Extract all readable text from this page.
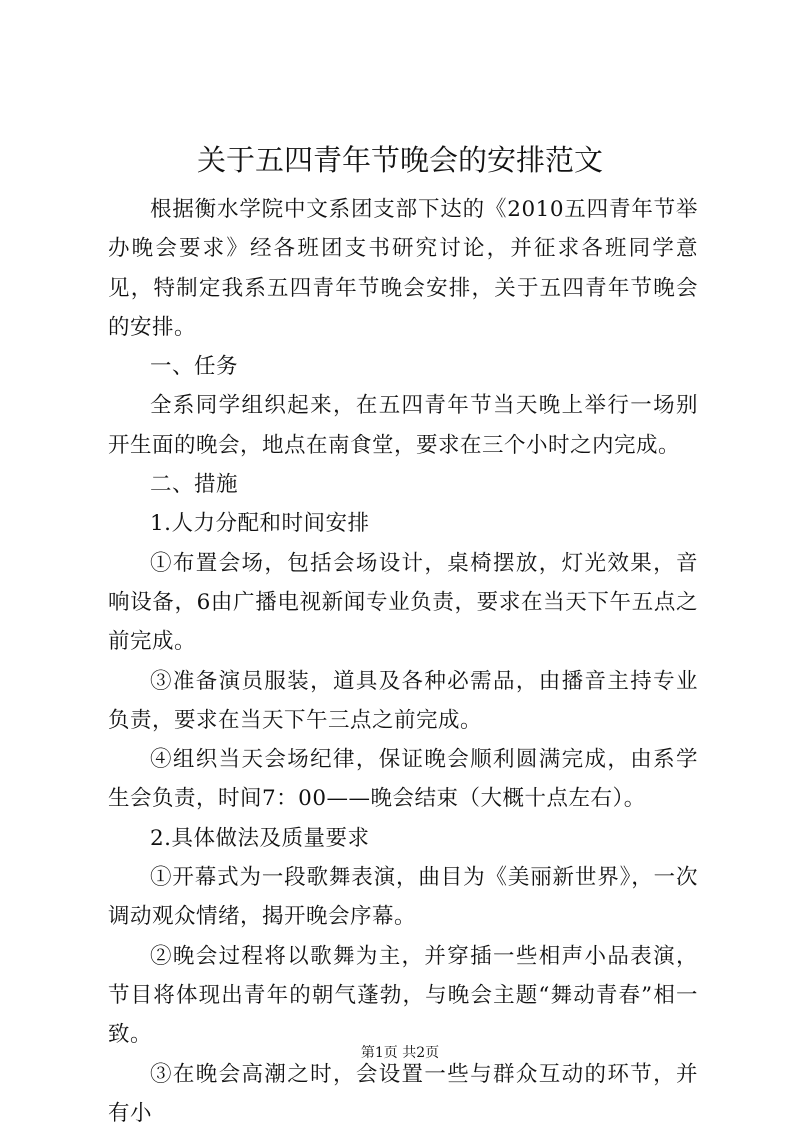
关于五四青年节晚会的安排范文

根据衡水学院中文系团支部下达的《2010五四青年节举办晚会要求》经各班团支书研究讨论，并征求各班同学意见，特制定我系五四青年节晚会安排，关于五四青年节晚会的安排。

一、任务

全系同学组织起来，在五四青年节当天晚上举行一场别开生面的晚会，地点在南食堂，要求在三个小时之内完成。

二、措施

1.人力分配和时间安排

①布置会场，包括会场设计，桌椅摆放，灯光效果，音响设备，6由广播电视新闻专业负责，要求在当天下午五点之前完成。

③准备演员服装，道具及各种必需品，由播音主持专业负责，要求在当天下午三点之前完成。

④组织当天会场纪律，保证晚会顺利圆满完成，由系学生会负责，时间7：00——晚会结束（大概十点左右）。

2.具体做法及质量要求

①开幕式为一段歌舞表演，曲目为《美丽新世界》，一次调动观众情绪，揭开晚会序幕。

②晚会过程将以歌舞为主，并穿插一些相声小品表演，节目将体现出青年的朝气蓬勃，与晚会主题“舞动青春”相一致。

③在晚会高潮之时，会设置一些与群众互动的环节，并有小

第1页 共2页
